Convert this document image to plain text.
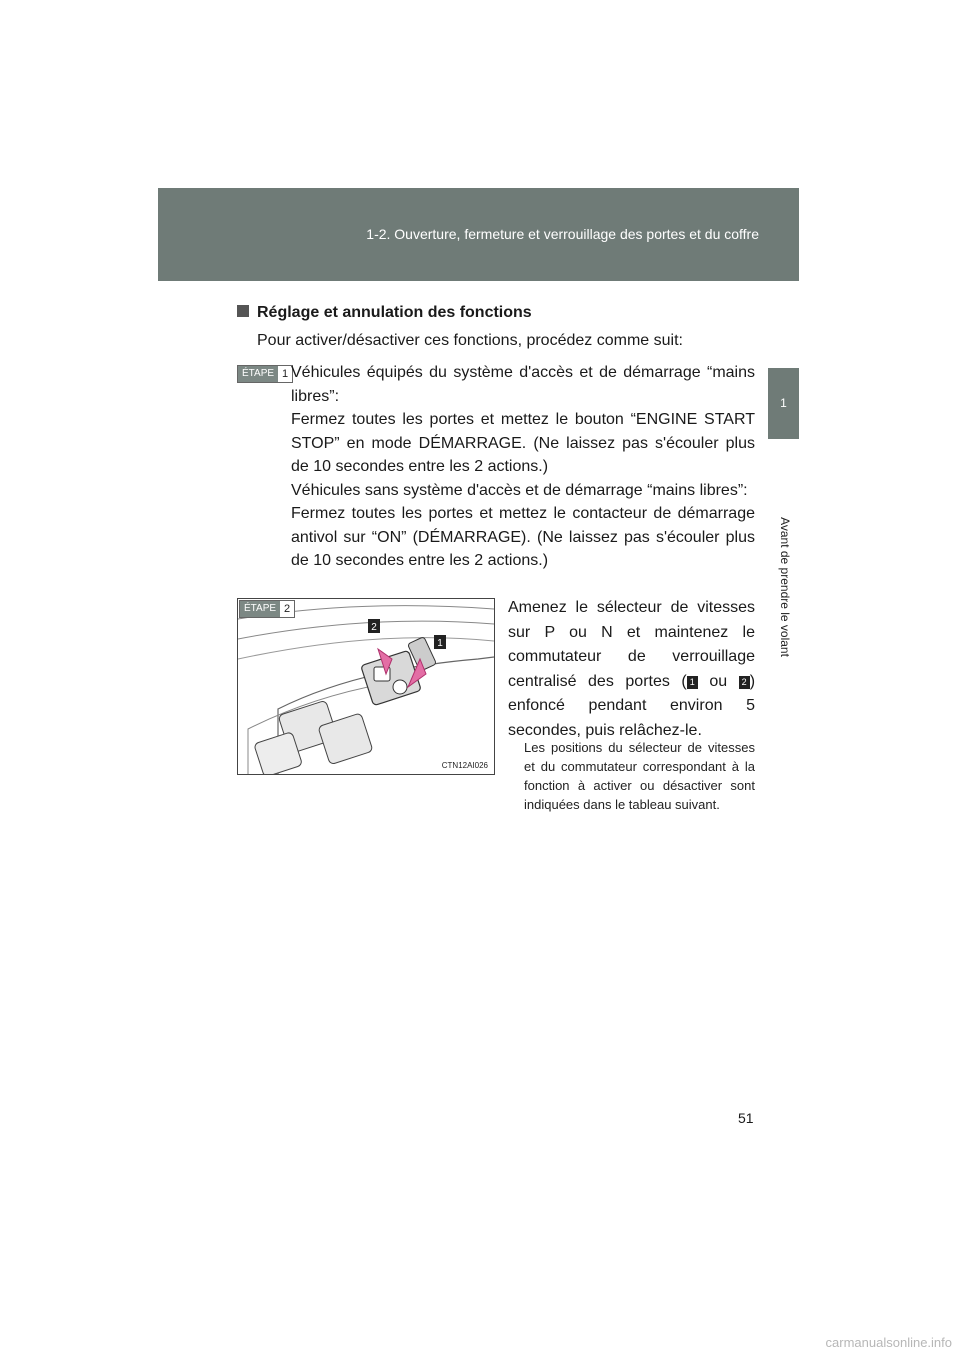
1-2. Ouverture, fermeture et verrouillage des portes et du coffre
1
Avant de prendre le volant
Réglage et annulation des fonctions
Pour activer/désactiver ces fonctions, procédez comme suit:
ÉTAPE 1 Véhicules équipés du système d'accès et de démarrage “mains libres”:

Fermez toutes les portes et mettez le bouton “ENGINE START STOP” en mode DÉMARRAGE. (Ne laissez pas s'écouler plus de 10 secondes entre les 2 actions.)

Véhicules sans système d'accès et de démarrage “mains libres”:

Fermez toutes les portes et mettez le contacteur de démarrage antivol sur “ON” (DÉMARRAGE). (Ne laissez pas s'écouler plus de 10 secondes entre les 2 actions.)

2
1
CTN12AI026
ÉTAPE 2	Amenez le sélecteur de vitesses sur P ou N et maintenez le commutateur de verrouillage centralisé des portes ( 1 ou 2 ) enfoncé pendant environ 5 secondes, puis relâchez-le.
Les positions du sélecteur de vitesses et du commutateur correspondant à la fonction à activer ou désactiver sont indiquées dans le tableau suivant.
51
carmanualsonline.info
